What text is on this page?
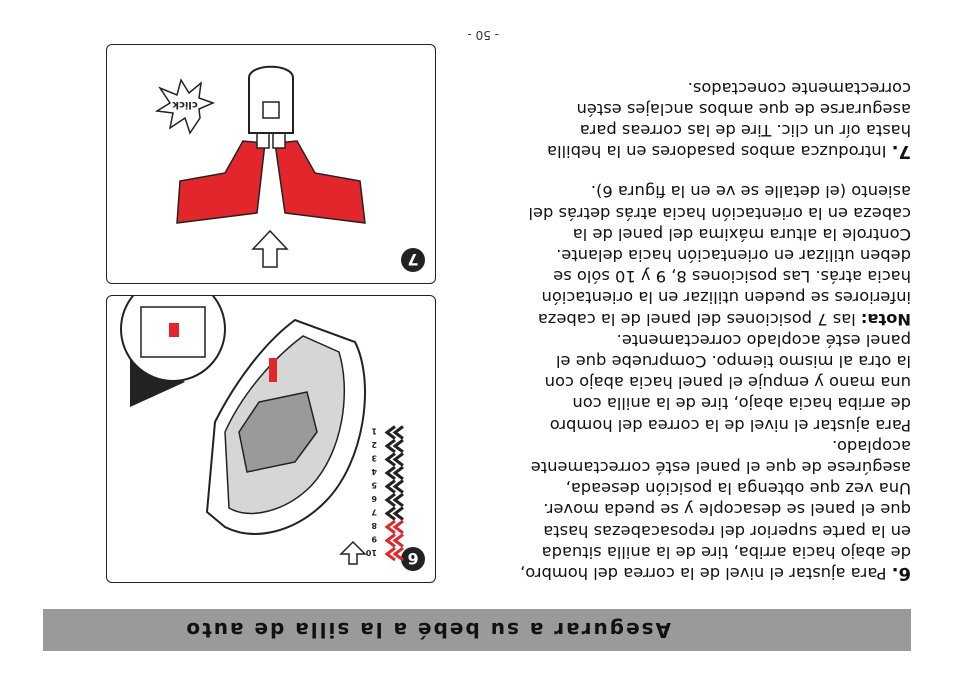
Asegurar a su bebé a la silla de auto

6. Para ajustar el nivel de la correa del hombro,
de abajo hacia arriba, tire de la anilla situada
en la parte superior del reposacabezas hasta
que el panel se desacople y se pueda mover.
Una vez que obtenga la posición deseada,
asegúrese de que el panel esté correctamente
acoplado.

Para ajustar el nivel de la correa del hombro
de arriba hacia abajo, tire de la anilla con
una mano y empuje el panel hacia abajo con
la otra al mismo tiempo. Compruebe que el
panel esté acoplado correctamente.

Nota: las 7 posiciones del panel de la cabeza
inferiores se pueden utilizar en la orientación
hacia atrás. Las posiciones 8, 9 y 10 sólo se
deben utilizar en orientación hacia delante.
Controle la altura máxima del panel de la
cabeza en la orientación hacia atrás detrás del
asiento (el detalle se ve en la figura 6).

7. Introduzca ambos pasadores en la hebilla
hasta oír un clic. Tire de las correas para
asegurarse de que ambos anclajes estén
correctamente conectados.

- 50 -
6
10
9
8
7
6
5
4
3
2
1
7
click
